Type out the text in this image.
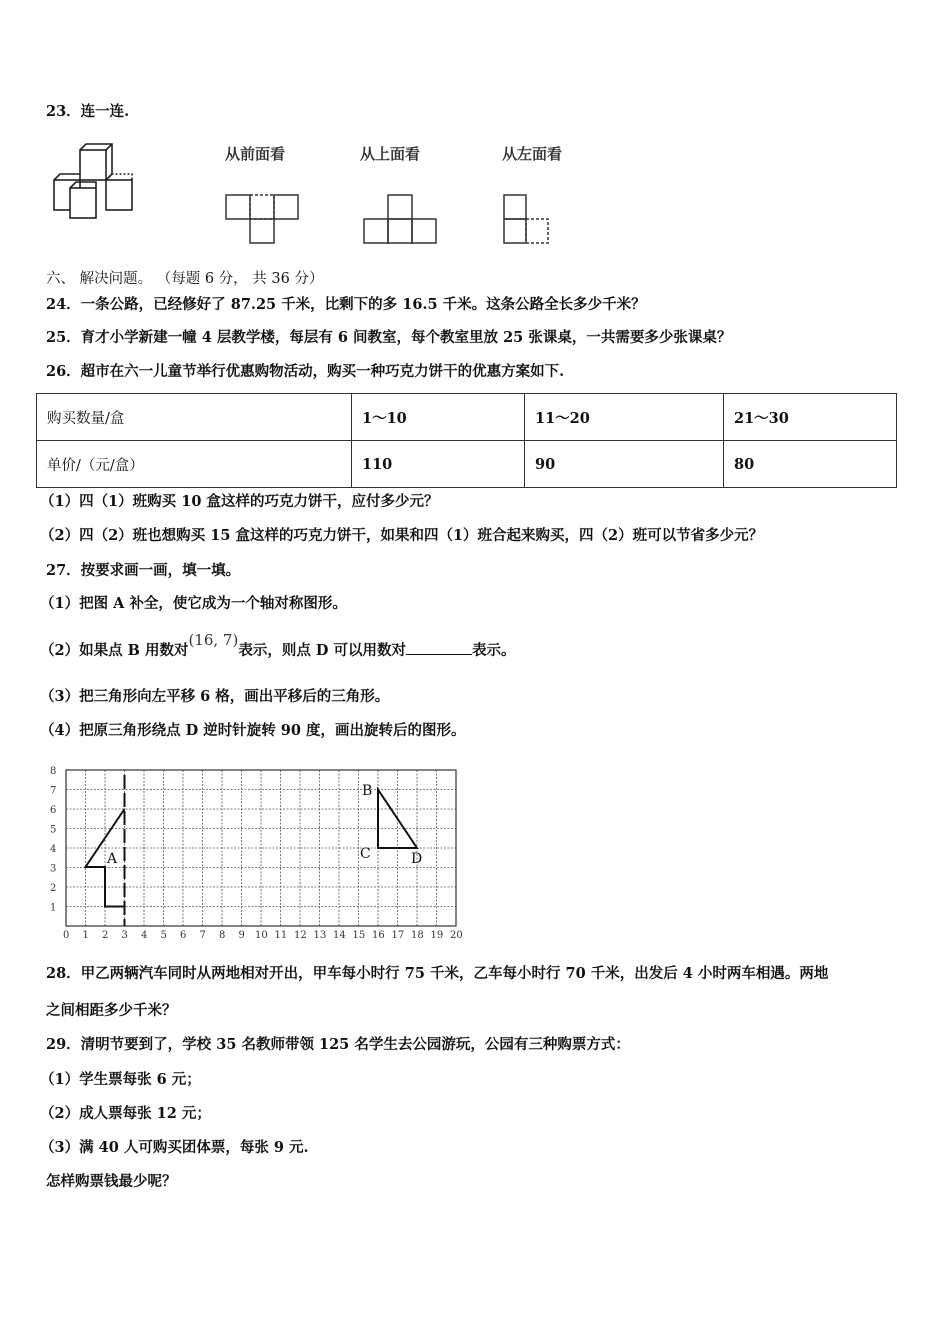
23．连一连.
从前面看	从上面看	从左面看
六、 解决问题。 （每题 6 分， 共 36 分）
24．一条公路，已经修好了 87.25 千米，比剩下的多 16.5 千米。这条公路全长多少千米？
25．育才小学新建一幢 4 层教学楼，每层有 6 间教室，每个教室里放 25 张课桌，一共需要多少张课桌？
26．超市在六一儿童节举行优惠购物活动，购买一种巧克力饼干的优惠方案如下.
购买数量/盒	1～10	11～20	21～30
单价/（元/盒）	110	90	80
（1）四（1）班购买 10 盒这样的巧克力饼干，应付多少元？
（2）四（2）班也想购买 15 盒这样的巧克力饼干，如果和四（1）班合起来购买，四（2）班可以节省多少元？
27．按要求画一画，填一填。
（1）把图 A 补全，使它成为一个轴对称图形。
（2）如果点 B 用数对(16, 7)表示，则点 D 可以用数对	表示。
（3）把三角形向左平移 6 格，画出平移后的三角形。
（4）把原三角形绕点 D 逆时针旋转 90 度，画出旋转后的图形。
0 1 2 3 4 5 6 7 8 9 10 11 12 13 14 15 16 17 18 19 20
1
2
3
4
5
6
7
8
A
B
C	D
28．甲乙两辆汽车同时从两地相对开出，甲车每小时行 75 千米，乙车每小时行 70 千米，出发后 4 小时两车相遇。两地
之间相距多少千米？
29．清明节要到了，学校 35 名教师带领 125 名学生去公园游玩，公园有三种购票方式：
（1）学生票每张 6 元；
（2）成人票每张 12 元；
（3）满 40 人可购买团体票，每张 9 元.
怎样购票钱最少呢？
